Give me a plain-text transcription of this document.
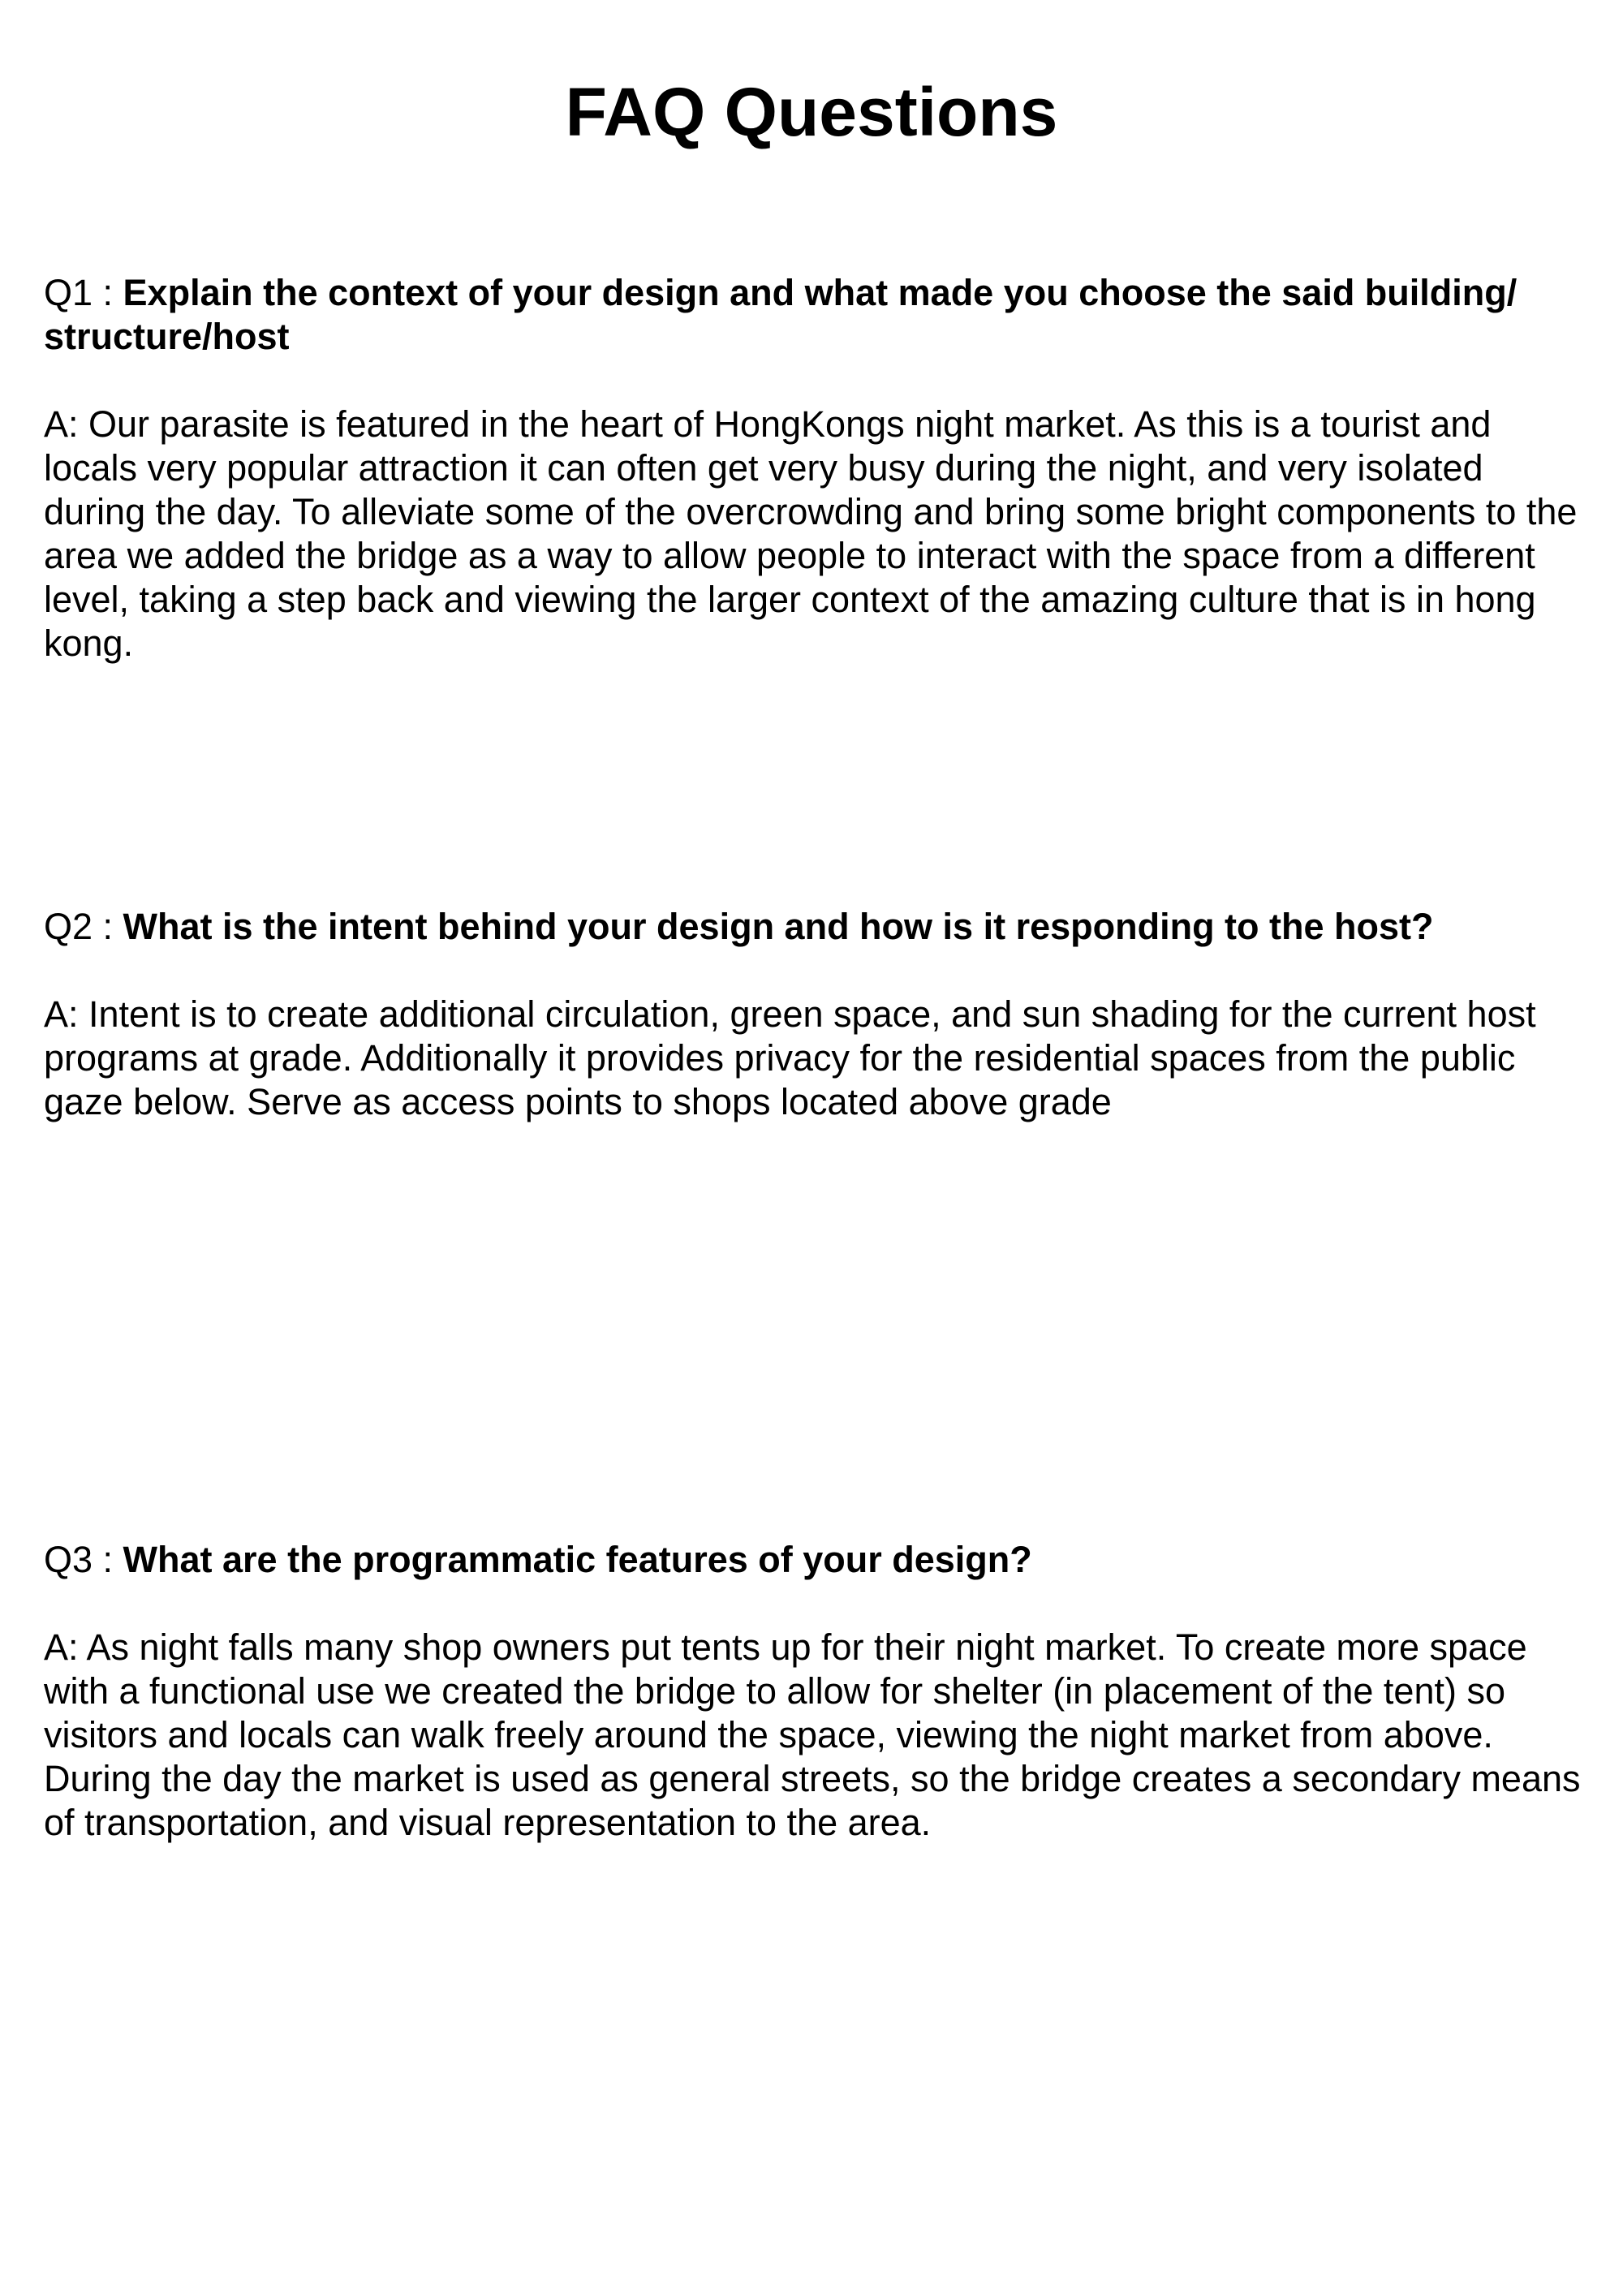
FAQ Questions

Q1 : Explain the context of your design and what made you choose the said building/ structure/host

A: Our parasite is featured in the heart of HongKongs night market. As this is a tourist and locals very popular attraction it can often get very busy during the night, and very isolated during the day. To alleviate some of the overcrowding and bring some bright components to the area we added the bridge as a way to allow people to interact with the space from a different level, taking a step back and viewing the larger context of the amazing culture that is in hong kong.

Q2 : What is the intent behind your design and how is it responding to the host?

A: Intent is to create additional circulation, green space, and sun shading for the current host programs at grade. Additionally it provides privacy for the residential spaces from the public gaze below. Serve as access points to shops located above grade

Q3 : What are the programmatic features of your design?

A: As night falls many shop owners put tents up for their night market. To create more space with a functional use we created the bridge to allow for shelter (in placement of the tent) so visitors and locals can walk freely around the space, viewing the night market from above. During the day the market is used as general streets, so the bridge creates a secondary means of transportation, and visual representation to the area.
